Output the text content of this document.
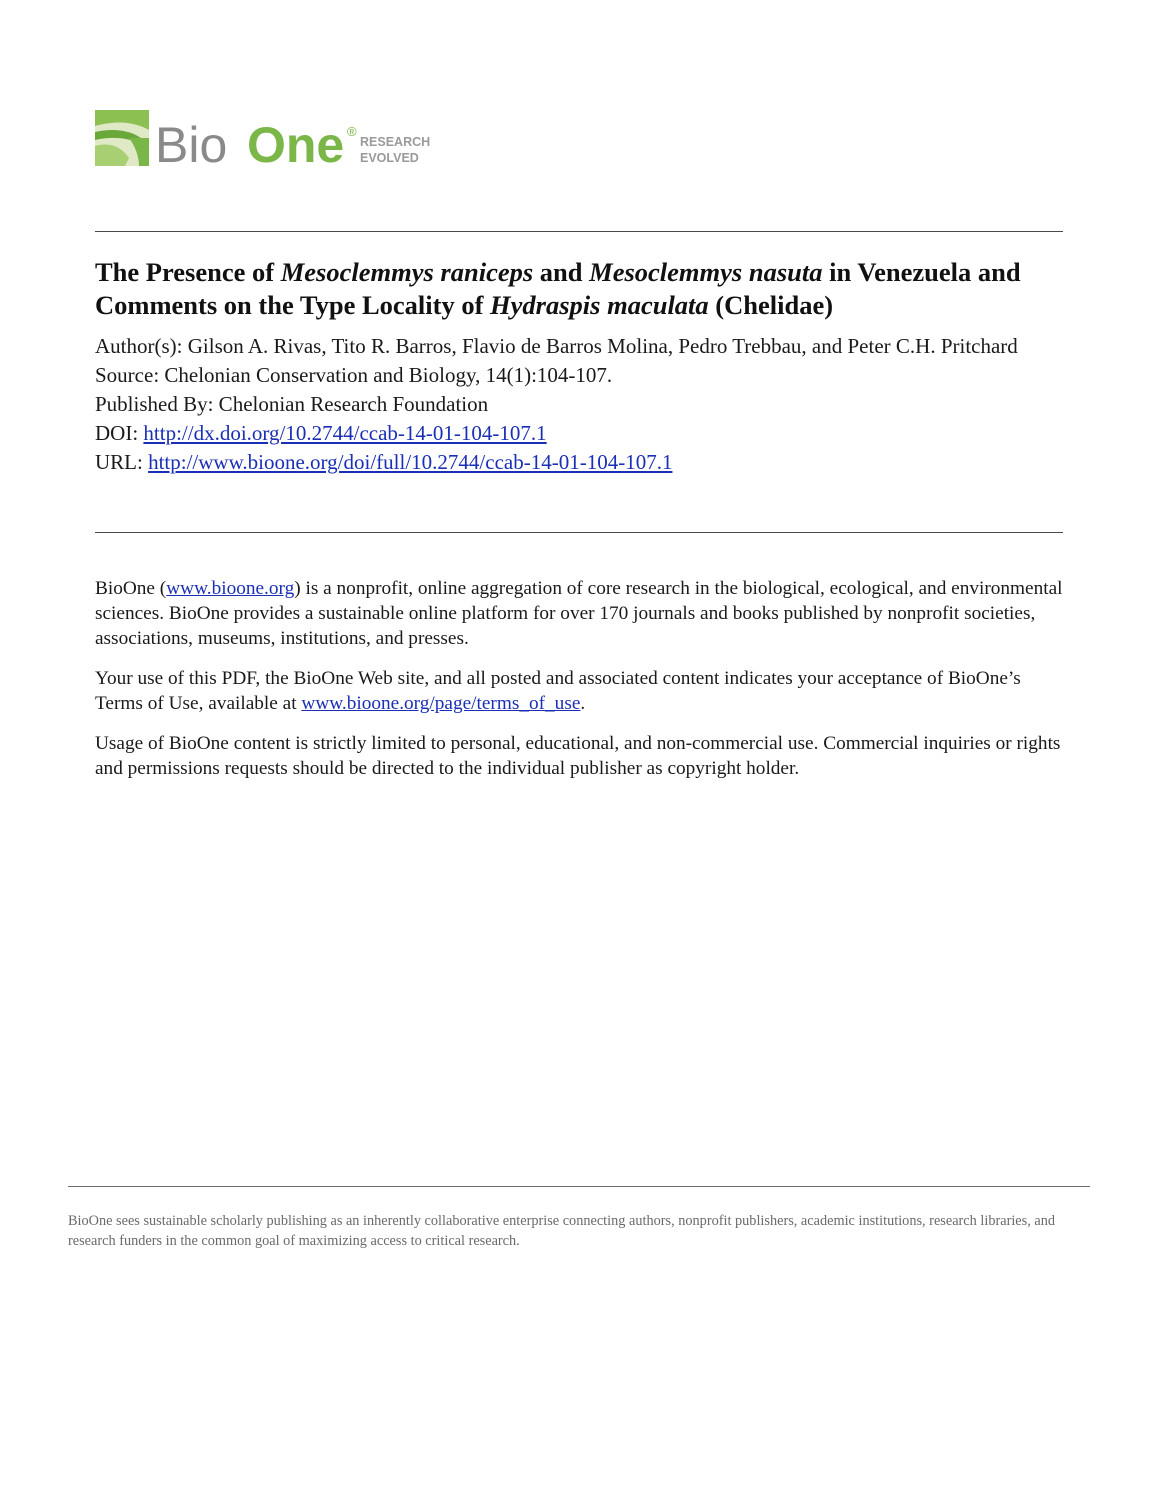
Bio One ®
RESEARCH
EVOLVED
The Presence of Mesoclemmys raniceps and Mesoclemmys nasuta in Venezuela and Comments on the Type Locality of Hydraspis maculata (Chelidae)
Author(s): Gilson A. Rivas, Tito R. Barros, Flavio de Barros Molina, Pedro Trebbau, and Peter C.H. Pritchard
Source: Chelonian Conservation and Biology, 14(1):104-107.
Published By: Chelonian Research Foundation
DOI: http://dx.doi.org/10.2744/ccab-14-01-104-107.1
URL: http://www.bioone.org/doi/full/10.2744/ccab-14-01-104-107.1

BioOne (www.bioone.org) is a nonprofit, online aggregation of core research in the biological, ecological, and environmental sciences. BioOne provides a sustainable online platform for over 170 journals and books published by nonprofit societies, associations, museums, institutions, and presses.

Your use of this PDF, the BioOne Web site, and all posted and associated content indicates your acceptance of BioOne’s Terms of Use, available at www.bioone.org/page/terms_of_use.

Usage of BioOne content is strictly limited to personal, educational, and non-commercial use. Commercial inquiries or rights and permissions requests should be directed to the individual publisher as copyright holder.

BioOne sees sustainable scholarly publishing as an inherently collaborative enterprise connecting authors, nonprofit publishers, academic institutions, research libraries, and research funders in the common goal of maximizing access to critical research.
